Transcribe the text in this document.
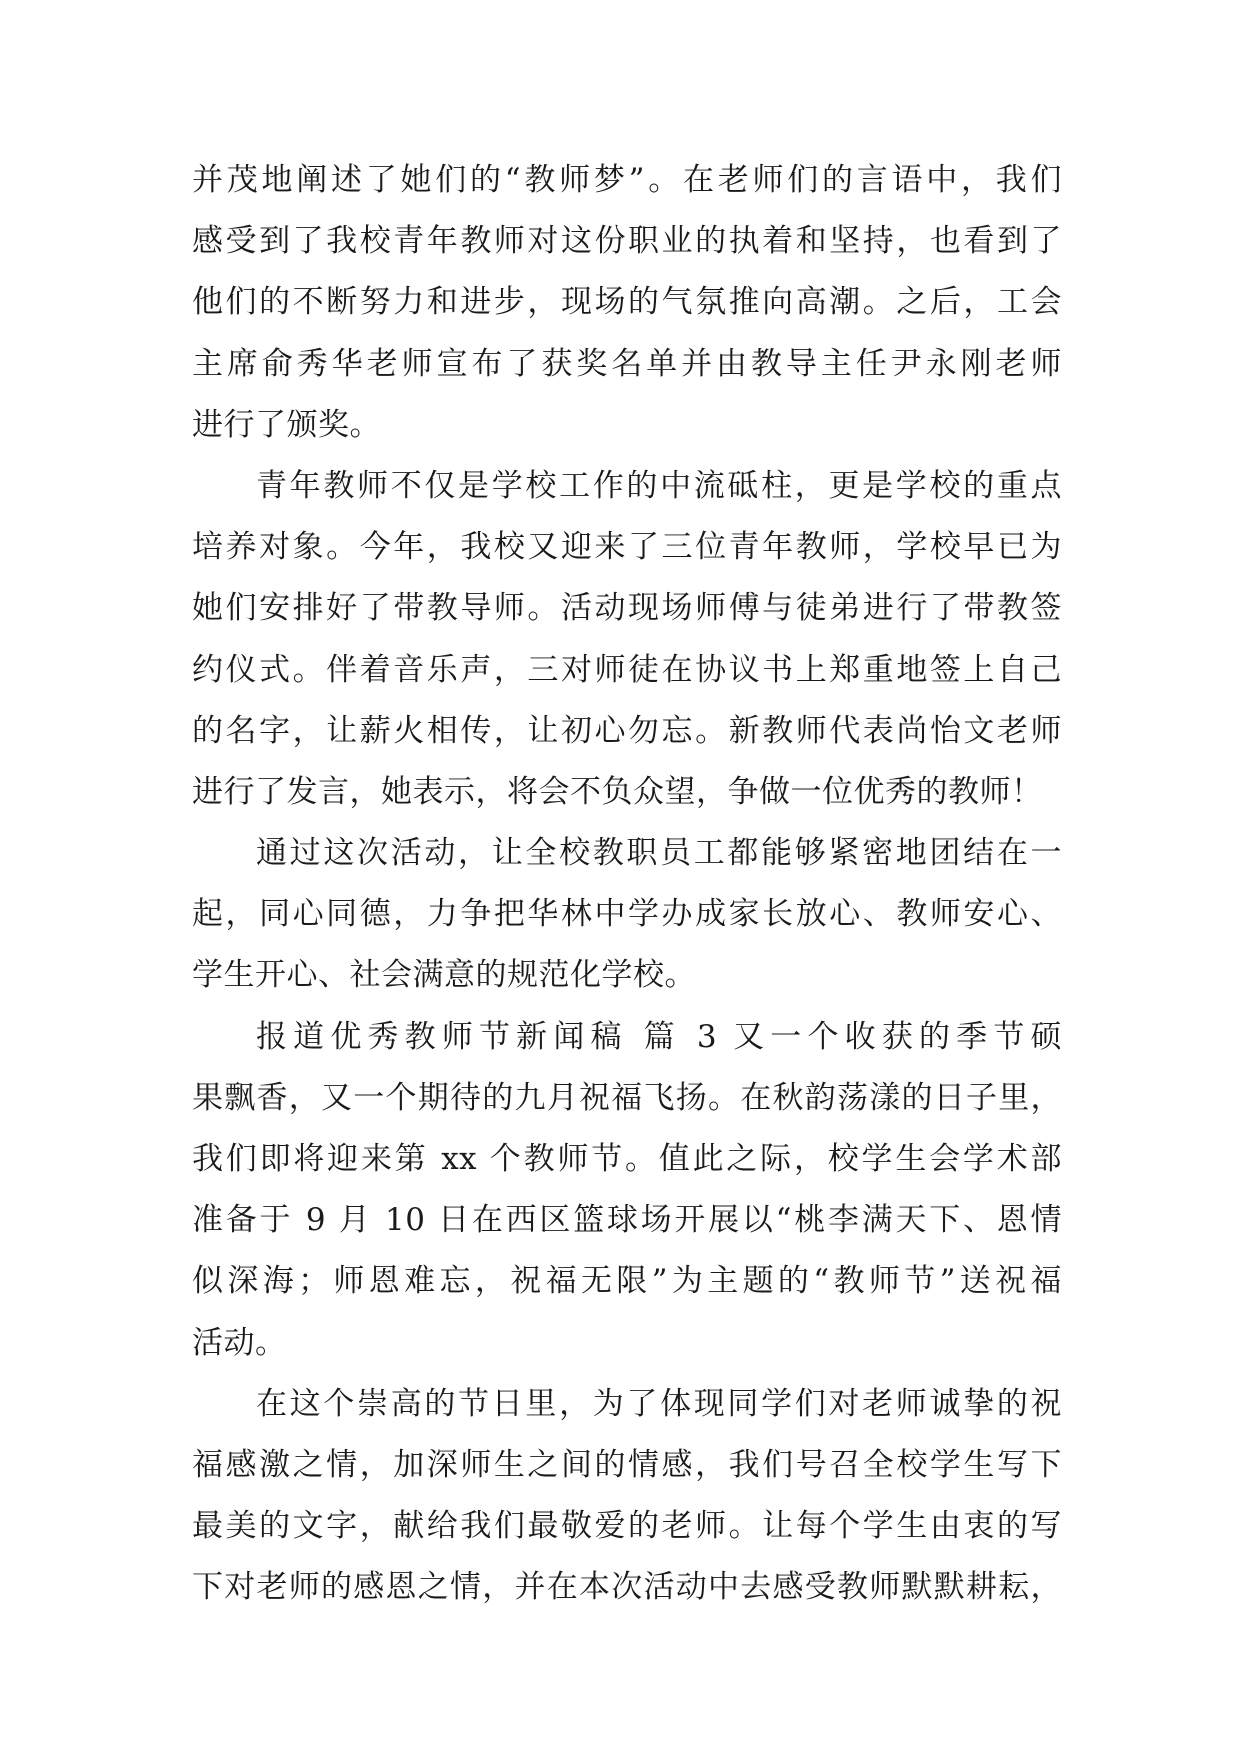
并茂地阐述了她们的“教师梦”。在老师们的言语中，我们
感受到了我校青年教师对这份职业的执着和坚持，也看到了
他们的不断努力和进步，现场的气氛推向高潮。之后，工会
主席俞秀华老师宣布了获奖名单并由教导主任尹永刚老师
进行了颁奖。
青年教师不仅是学校工作的中流砥柱，更是学校的重点
培养对象。今年，我校又迎来了三位青年教师，学校早已为
她们安排好了带教导师。活动现场师傅与徒弟进行了带教签
约仪式。伴着音乐声，三对师徒在协议书上郑重地签上自己
的名字，让薪火相传，让初心勿忘。新教师代表尚怡文老师
进行了发言，她表示，将会不负众望，争做一位优秀的教师！
通过这次活动，让全校教职员工都能够紧密地团结在一
起，同心同德，力争把华林中学办成家长放心、教师安心、
学生开心、社会满意的规范化学校。
报道优秀教师节新闻稿 篇 3 又一个收获的季节硕
果飘香，又一个期待的九月祝福飞扬。在秋韵荡漾的日子里，
我们即将迎来第 xx 个教师节。值此之际，校学生会学术部
准备于 9 月 10 日在西区篮球场开展以“桃李满天下、恩情
似深海；师恩难忘，祝福无限”为主题的“教师节”送祝福
活动。
在这个崇高的节日里，为了体现同学们对老师诚挚的祝
福感激之情，加深师生之间的情感，我们号召全校学生写下
最美的文字，献给我们最敬爱的老师。让每个学生由衷的写
下对老师的感恩之情，并在本次活动中去感受教师默默耕耘，
